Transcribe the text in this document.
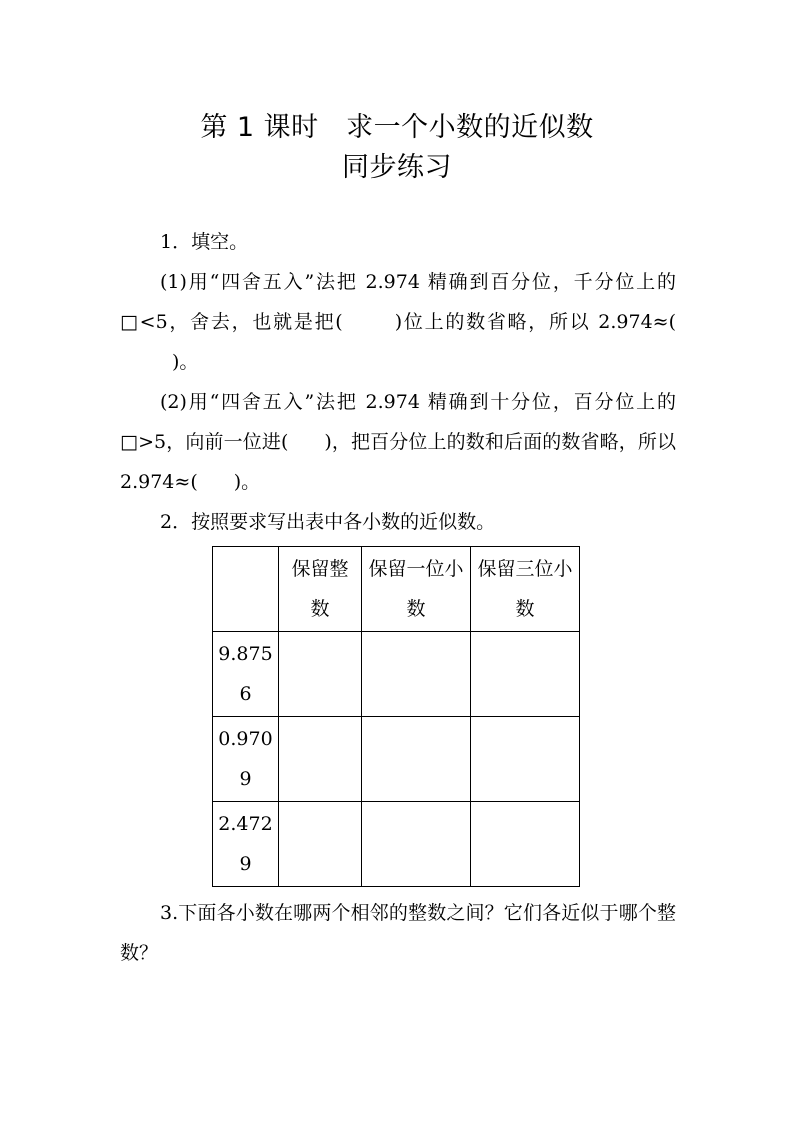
第 1 课时　求一个小数的近似数
同步练习

1．填空。

(1)用“四舍五入”法把 2.974 精确到百分位，千分位上的□<5，舍去，也就是把(	)位上的数省略，所以 2.974≈()。

(2)用“四舍五入”法把 2.974 精确到十分位，百分位上的□>5，向前一位进( )，把百分位上的数和后面的数省略，所以 2.974≈( )。

2．按照要求写出表中各小数的近似数。

	保留整数	保留一位小数	保留三位小数
9.8756			
0.9709			
2.4729			

3.下面各小数在哪两个相邻的整数之间？它们各近似于哪个整数？
